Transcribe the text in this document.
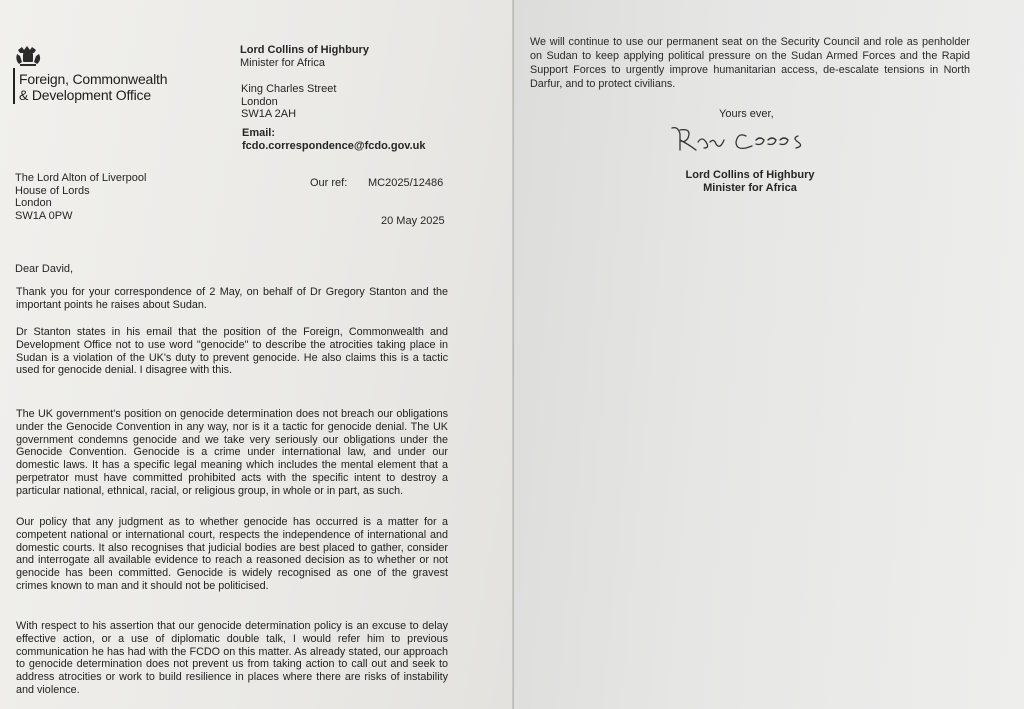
Foreign, Commonwealth
& Development Office
Lord Collins of Highbury
Minister for Africa
King Charles Street
London
SW1A 2AH
Email:
fcdo.correspondence@fcdo.gov.uk
The Lord Alton of Liverpool
House of Lords
London
SW1A 0PW
Our ref: MC2025/12486
20 May 2025
Dear David,

Thank you for your correspondence of 2 May, on behalf of Dr Gregory Stanton and the important points he raises about Sudan.

Dr Stanton states in his email that the position of the Foreign, Commonwealth and Development Office not to use word "genocide" to describe the atrocities taking place in Sudan is a violation of the UK's duty to prevent genocide. He also claims this is a tactic used for genocide denial. I disagree with this.

The UK government's position on genocide determination does not breach our obligations under the Genocide Convention in any way, nor is it a tactic for genocide denial. The UK government condemns genocide and we take very seriously our obligations under the Genocide Convention. Genocide is a crime under international law, and under our domestic laws. It has a specific legal meaning which includes the mental element that a perpetrator must have committed prohibited acts with the specific intent to destroy a particular national, ethnical, racial, or religious group, in whole or in part, as such.

Our policy that any judgment as to whether genocide has occurred is a matter for a competent national or international court, respects the independence of international and domestic courts. It also recognises that judicial bodies are best placed to gather, consider and interrogate all available evidence to reach a reasoned decision as to whether or not genocide has been committed. Genocide is widely recognised as one of the gravest crimes known to man and it should not be politicised.

With respect to his assertion that our genocide determination policy is an excuse to delay effective action, or a use of diplomatic double talk, I would refer him to previous communication he has had with the FCDO on this matter. As already stated, our approach to genocide determination does not prevent us from taking action to call out and seek to address atrocities or work to build resilience in places where there are risks of instability and violence.

We will continue to use our permanent seat on the Security Council and role as penholder on Sudan to keep applying political pressure on the Sudan Armed Forces and the Rapid Support Forces to urgently improve humanitarian access, de-escalate tensions in North Darfur, and to protect civilians.

Yours ever,
Lord Collins of Highbury
Minister for Africa
